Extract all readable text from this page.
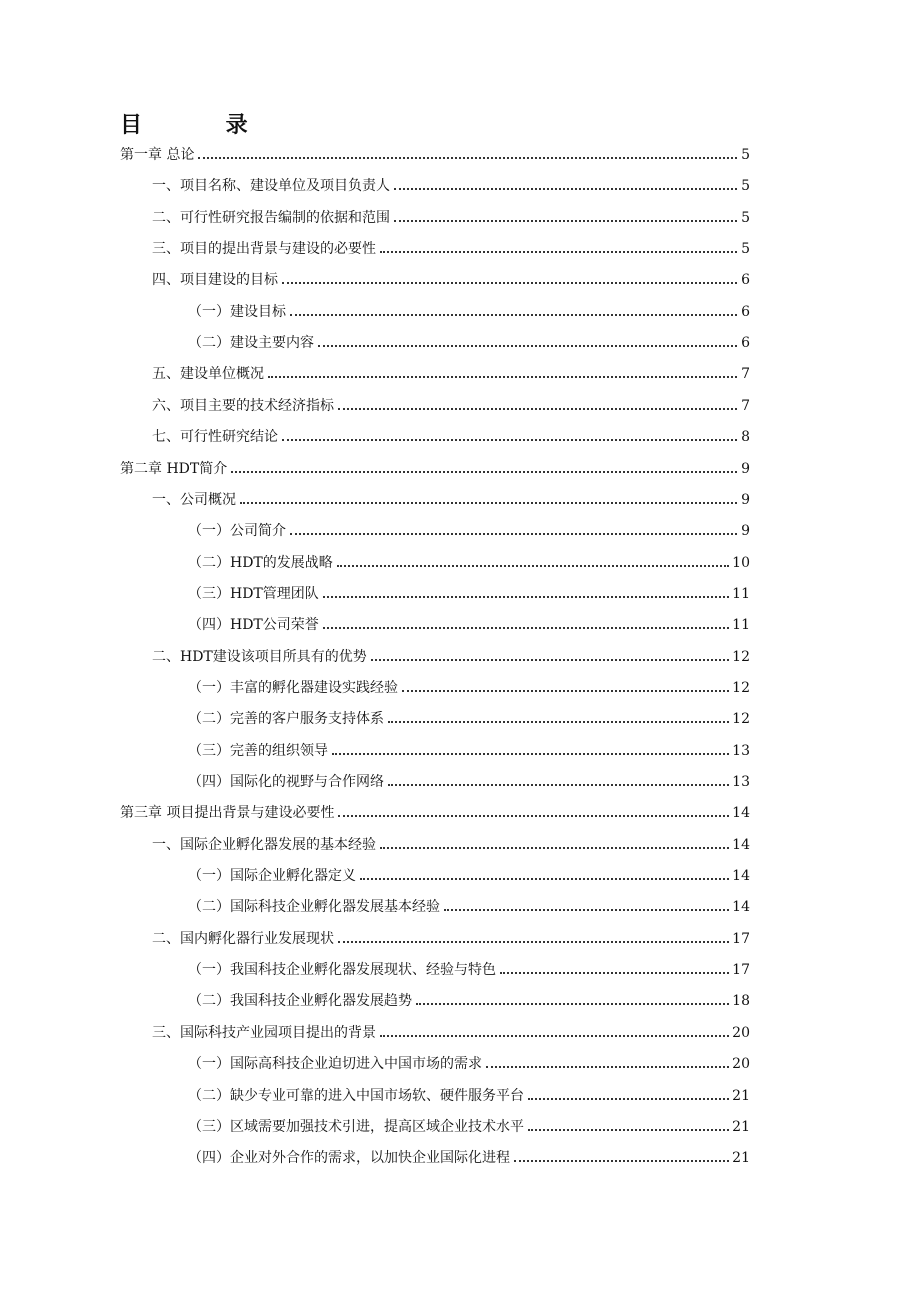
目 录
第一章 总论	5
一、项目名称、建设单位及项目负责人	5
二、可行性研究报告编制的依据和范围	5
三、项目的提出背景与建设的必要性	5
四、项目建设的目标	6
（一）建设目标	6
（二）建设主要内容	6
五、建设单位概况	7
六、项目主要的技术经济指标	7
七、可行性研究结论	8
第二章 HDT简介	9
一、公司概况	9
（一）公司简介	9
（二）HDT的发展战略	10
（三）HDT管理团队	11
（四）HDT公司荣誉	11
二、HDT建设该项目所具有的优势	12
（一）丰富的孵化器建设实践经验	12
（二）完善的客户服务支持体系	12
（三）完善的组织领导	13
（四）国际化的视野与合作网络	13
第三章 项目提出背景与建设必要性	14
一、国际企业孵化器发展的基本经验	14
（一）国际企业孵化器定义	14
（二）国际科技企业孵化器发展基本经验	14
二、国内孵化器行业发展现状	17
（一）我国科技企业孵化器发展现状、经验与特色	17
（二）我国科技企业孵化器发展趋势	18
三、国际科技产业园项目提出的背景	20
（一）国际高科技企业迫切进入中国市场的需求	20
（二）缺少专业可靠的进入中国市场软、硬件服务平台	21
（三）区域需要加强技术引进，提高区域企业技术水平	21
（四）企业对外合作的需求，以加快企业国际化进程	21
